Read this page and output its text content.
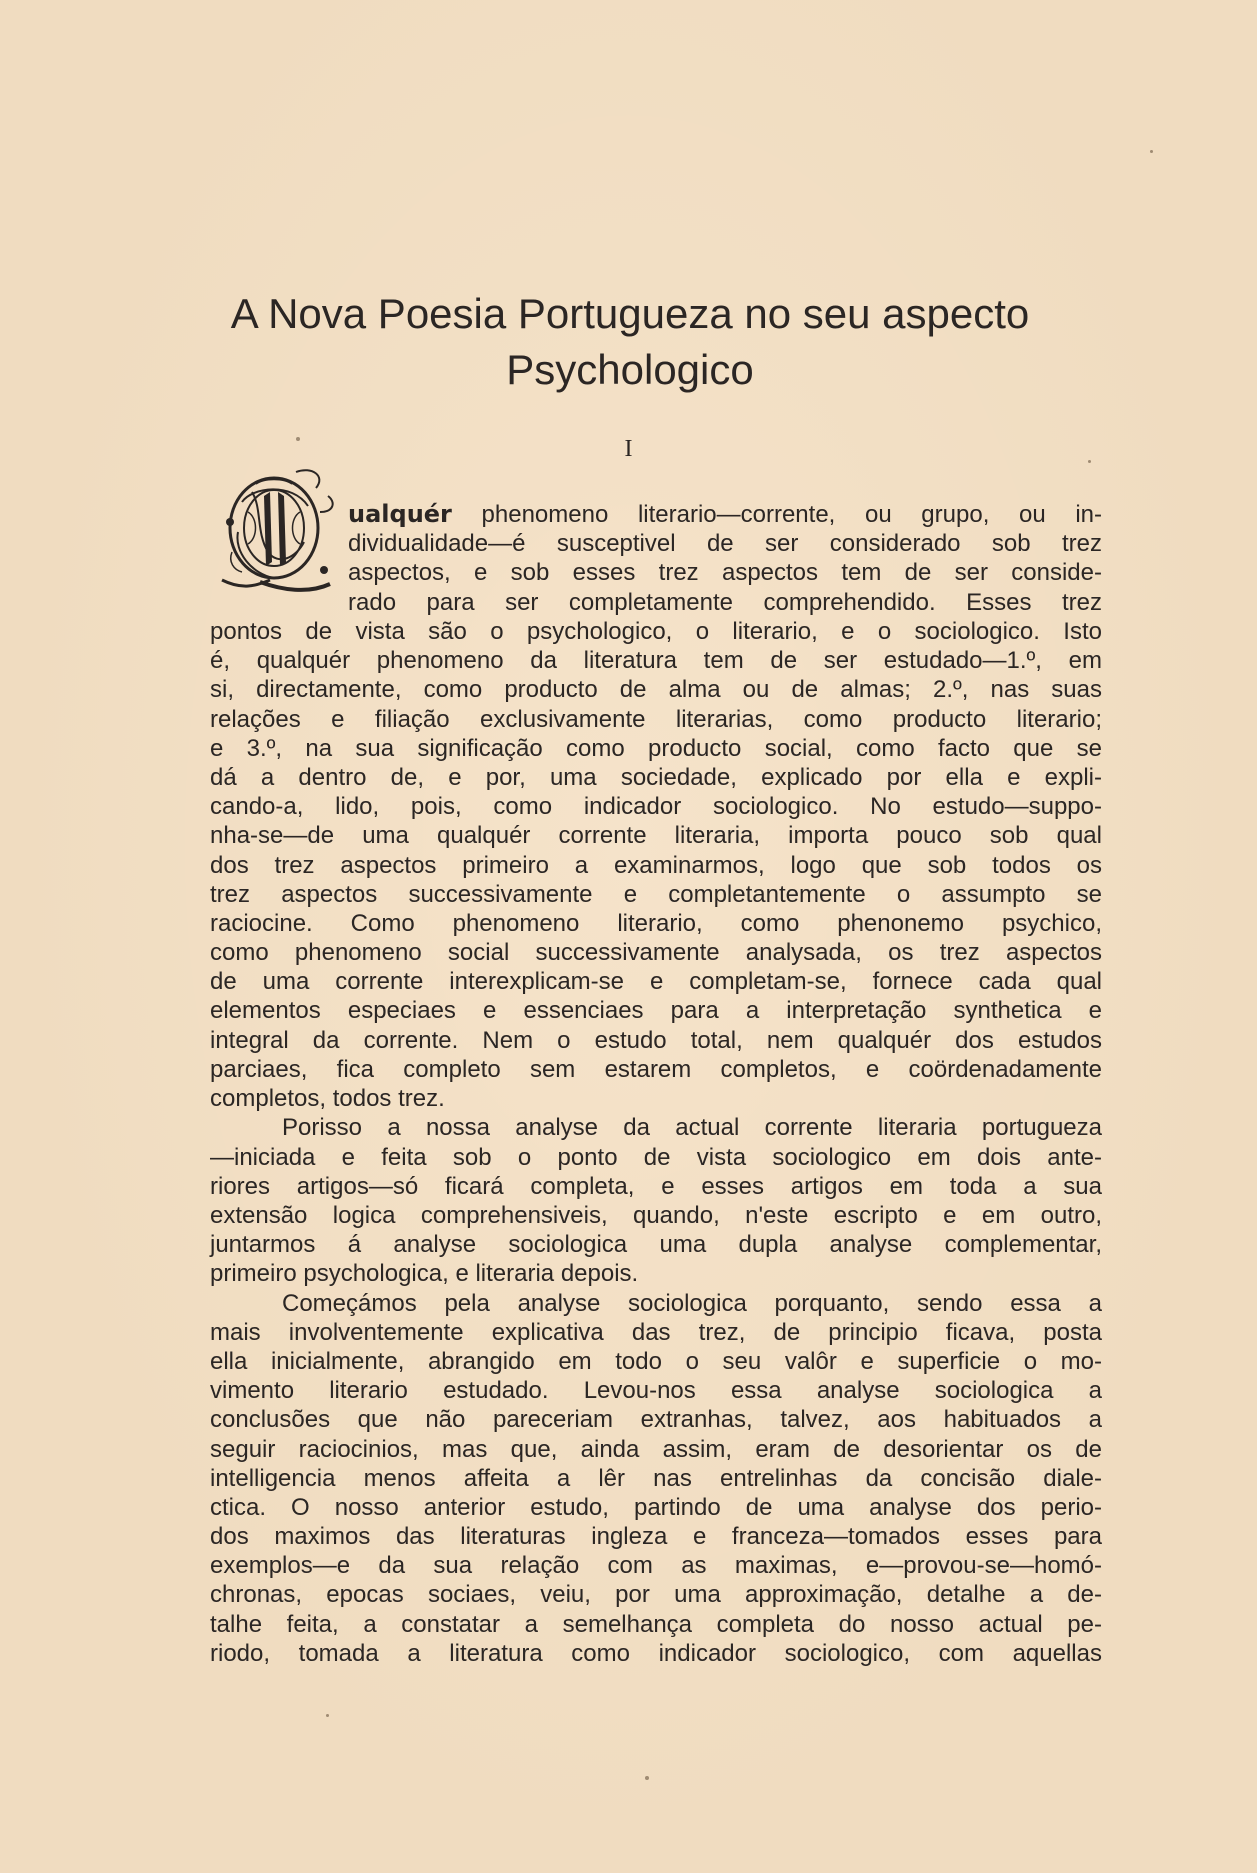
A Nova Poesia Portugueza no seu aspecto
Psychologico
I
ualquér phenomeno literario—corrente, ou grupo, ou in-
dividualidade—é susceptivel de ser considerado sob trez
aspectos, e sob esses trez aspectos tem de ser considе-
rado para ser completamente comprehendido. Esses trez
pontos de vista são o psychologico, o literario, e o sociologico. Isto
é, qualquér phenomeno da literatura tem de ser estudado—1.º, em
si, directamente, como producto de alma ou de almas; 2.º, nas suas
relações e filiação exclusivamente literarias, como producto literario;
e 3.º, na sua significação como producto social, como facto que se
dá a dentro de, e por, uma sociedade, explicado por ella e expli-
cando-a, lido, pois, como indicador sociologico. No estudo—suppo-
nha-se—de uma qualquér corrente literaria, importa pouco sob qual
dos trez aspectos primeiro a examinarmos, logo que sob todos os
trez aspectos successivamente e completantemente o assumpto se
raciocine. Como phenomeno literario, como phenonemo psychico,
como phenomeno social successivamente analysada, os trez aspectos
de uma corrente interexplicam-se e completam-se, fornece cada qual
elementos especiaes e essenciaes para a interpretação synthetica e
integral da corrente. Nem o estudo total, nem qualquér dos estudos
parciaes, fica completo sem estarem completos, e coördenadamente
completos, todos trez.
Porisso a nossa analyse da actual corrente literaria portugueza
—iniciada e feita sob o ponto de vista sociologico em dois ante-
riores artigos—só ficará completa, e esses artigos em toda a sua
extensão logica comprehensiveis, quando, n'este escripto e em outro,
juntarmos á analyse sociologica uma dupla analyse complementar,
primeiro psychologica, e literaria depois.
Começámos pela analyse sociologica porquanto, sendo essa a
mais involventemente explicativa das trez, de principio ficava, posta
ella inicialmente, abrangido em todo o seu valôr e superficie o mo-
vimento literario estudado. Levou-nos essa analyse sociologica a
conclusões que não pareceriam extranhas, talvez, aos habituados a
seguir raciocinios, mas que, ainda assim, eram de desorientar os de
intelligencia menos affeita a lêr nas entrelinhas da concisão diale-
ctica. O nosso anterior estudo, partindo de uma analyse dos perio-
dos maximos das literaturas ingleza e franceza—tomados esses para
exemplos—e da sua relação com as maximas, e—provou-se—homó-
chronas, epocas sociaes, veiu, por uma approximação, detalhe a de-
talhe feita, a constatar a semelhança completa do nosso actual pe-
riodo, tomada a literatura como indicador sociologico, com aquellas
